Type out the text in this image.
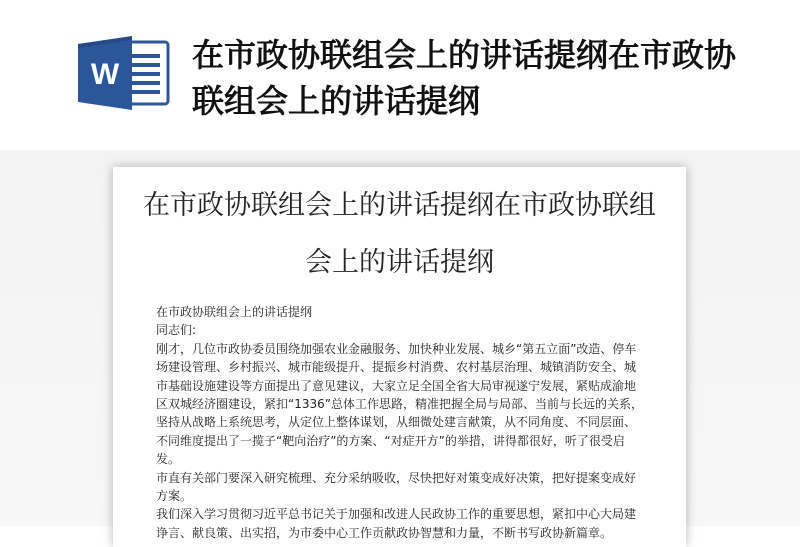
W
在市政协联组会上的讲话提纲在市政协联组会上的讲话提纲
在市政协联组会上的讲话提纲在市政协联组会上的讲话提纲

在市政协联组会上的讲话提纲

同志们:

刚才，几位市政协委员围绕加强农业金融服务、加快种业发展、城乡“第五立面”改造、停车场建设管理、乡村振兴、城市能级提升、提振乡村消费、农村基层治理、城镇消防安全、城市基础设施建设等方面提出了意见建议，大家立足全国全省大局审视遂宁发展，紧贴成渝地区双城经济圈建设，紧扣“1336”总体工作思路，精准把握全局与局部、当前与长远的关系，坚持从战略上系统思考，从定位上整体谋划，从细微处建言献策，从不同角度、不同层面、不同维度提出了一揽子“靶向治疗”的方案、“对症开方”的举措，讲得都很好，听了很受启发。

市直有关部门要深入研究梳理、充分采纳吸收，尽快把好对策变成好决策，把好提案变成好方案。

我们深入学习贯彻习近平总书记关于加强和改进人民政协工作的重要思想，紧扣中心大局建诤言、献良策、出实招，为市委中心工作贡献政协智慧和力量，不断书写政协新篇章。
